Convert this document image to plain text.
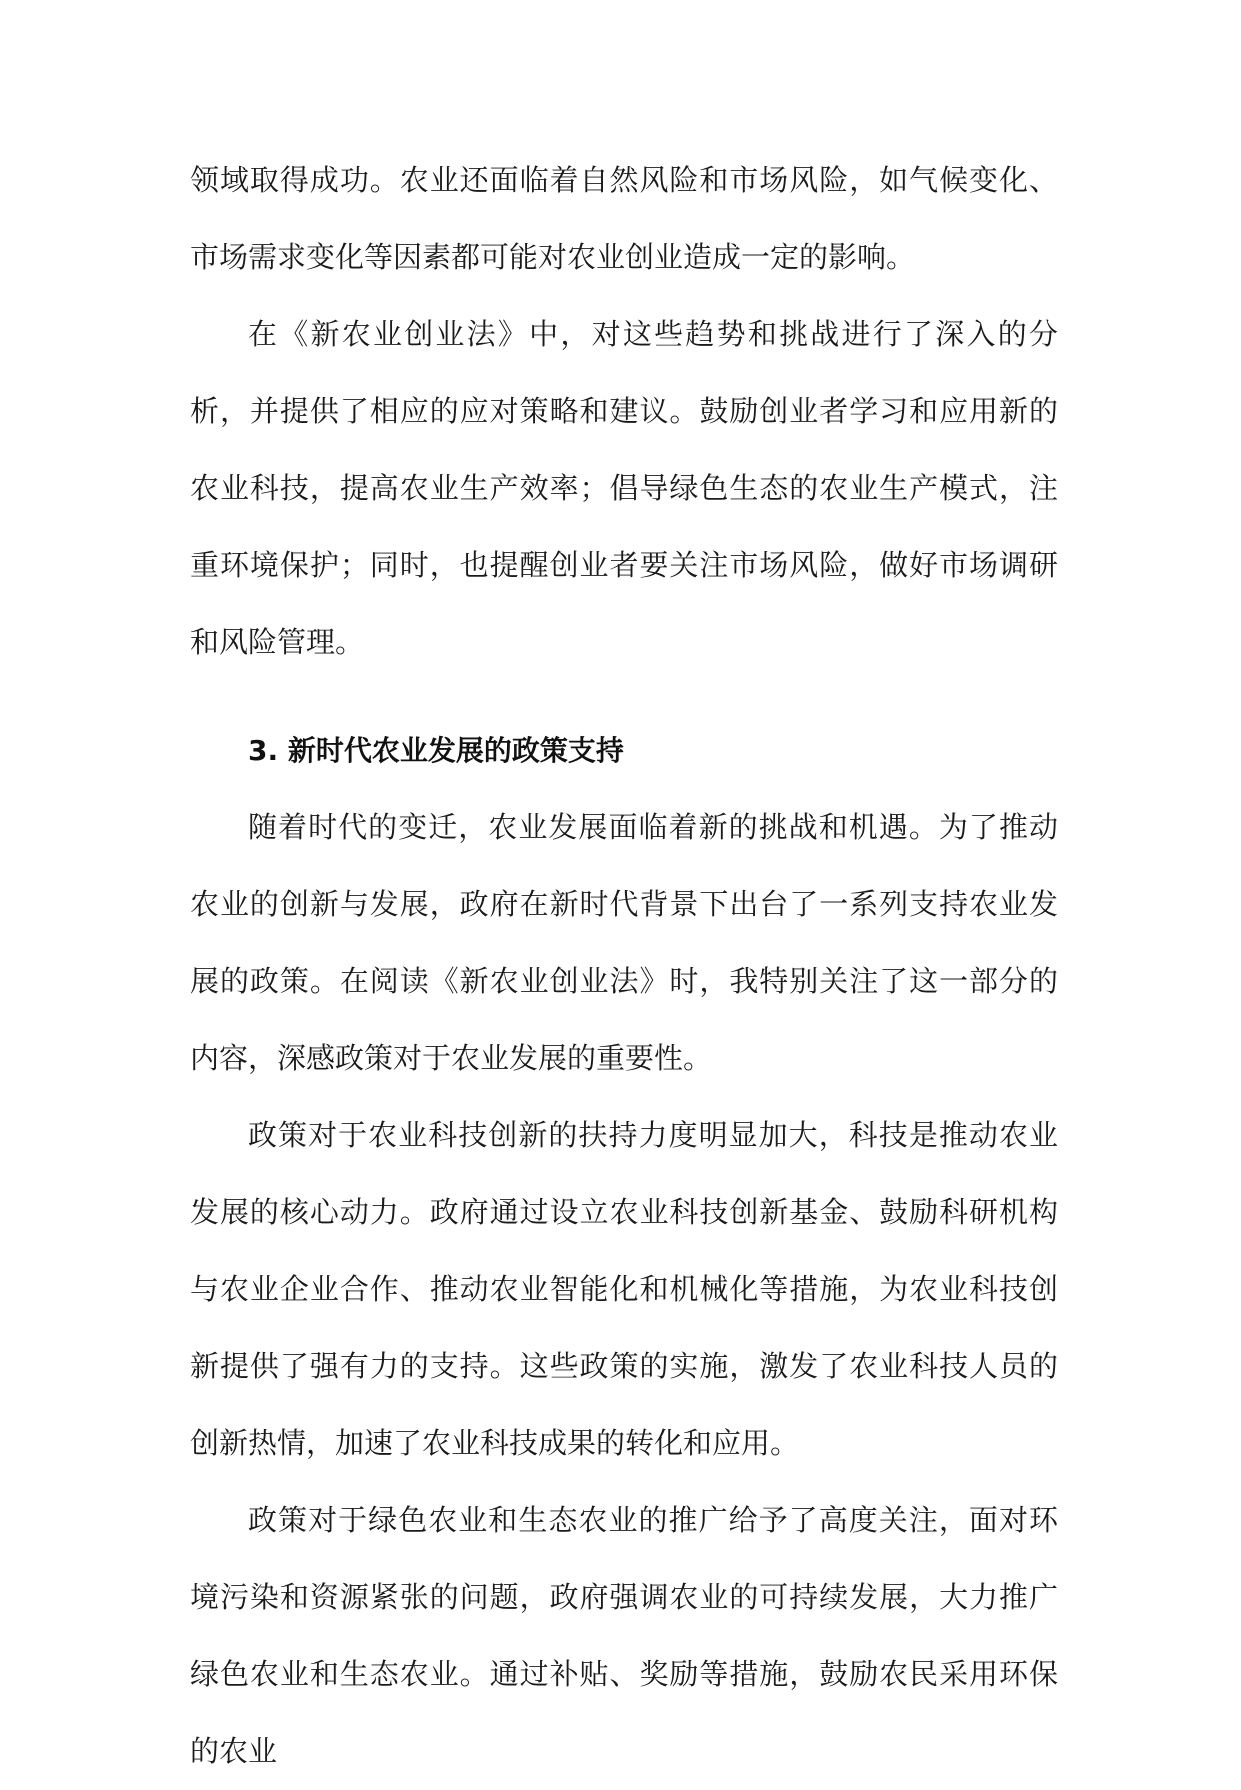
领域取得成功。农业还面临着自然风险和市场风险，如气候变化、市场需求变化等因素都可能对农业创业造成一定的影响。

在《新农业创业法》中，对这些趋势和挑战进行了深入的分析，并提供了相应的应对策略和建议。鼓励创业者学习和应用新的农业科技，提高农业生产效率；倡导绿色生态的农业生产模式，注重环境保护；同时，也提醒创业者要关注市场风险，做好市场调研和风险管理。

3. 新时代农业发展的政策支持

随着时代的变迁，农业发展面临着新的挑战和机遇。为了推动农业的创新与发展，政府在新时代背景下出台了一系列支持农业发展的政策。在阅读《新农业创业法》时，我特别关注了这一部分的内容，深感政策对于农业发展的重要性。

政策对于农业科技创新的扶持力度明显加大，科技是推动农业发展的核心动力。政府通过设立农业科技创新基金、鼓励科研机构与农业企业合作、推动农业智能化和机械化等措施，为农业科技创新提供了强有力的支持。这些政策的实施，激发了农业科技人员的创新热情，加速了农业科技成果的转化和应用。

政策对于绿色农业和生态农业的推广给予了高度关注，面对环境污染和资源紧张的问题，政府强调农业的可持续发展，大力推广绿色农业和生态农业。通过补贴、奖励等措施，鼓励农民采用环保的农业
